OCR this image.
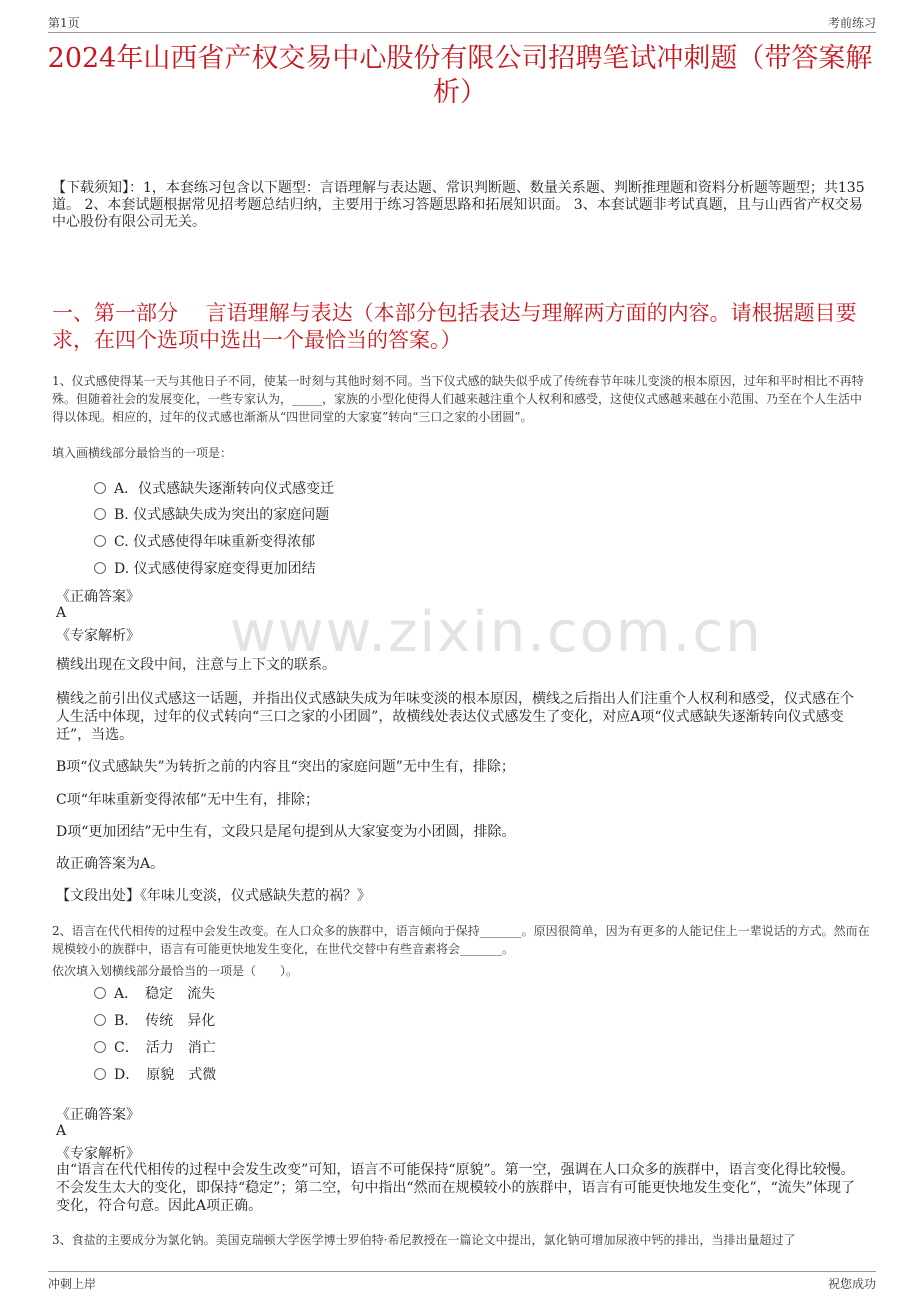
第1页	考前练习
2024年山西省产权交易中心股份有限公司招聘笔试冲刺题（带答案解析）
【下载须知】：1，本套练习包含以下题型：言语理解与表达题、常识判断题、数量关系题、判断推理题和资料分析题等题型；共135道。 2、本套试题根据常见招考题总结归纳，主要用于练习答题思路和拓展知识面。 3、本套试题非考试真题，且与山西省产权交易中心股份有限公司无关。
一、第一部分　 言语理解与表达（本部分包括表达与理解两方面的内容。请根据题目要求，在四个选项中选出一个最恰当的答案。）
1、仪式感使得某一天与其他日子不同，使某一时刻与其他时刻不同。当下仪式感的缺失似乎成了传统春节年味儿变淡的根本原因，过年和平时相比不再特殊。但随着社会的发展变化，一些专家认为，_____，家族的小型化使得人们越来越注重个人权利和感受，这使仪式感越来越在小范围、乃至在个人生活中得以体现。相应的，过年的仪式感也渐渐从“四世同堂的大家宴”转向“三口之家的小团圆”。
填入画横线部分最恰当的一项是：
A．仪式感缺失逐渐转向仪式感变迁
B. 仪式感缺失成为突出的家庭问题
C. 仪式感使得年味重新变得浓郁
D. 仪式感使得家庭变得更加团结
《正确答案》
A
《专家解析》
横线出现在文段中间，注意与上下文的联系。
横线之前引出仪式感这一话题，并指出仪式感缺失成为年味变淡的根本原因，横线之后指出人们注重个人权利和感受，仪式感在个人生活中体现，过年的仪式转向“三口之家的小团圆”，故横线处表达仪式感发生了变化，对应A项“仪式感缺失逐渐转向仪式感变迁”，当选。
B项“仪式感缺失”为转折之前的内容且“突出的家庭问题”无中生有，排除；
C项“年味重新变得浓郁”无中生有，排除；
D项“更加团结”无中生有，文段只是尾句提到从大家宴变为小团圆，排除。
故正确答案为A。
【文段出处】《年味儿变淡，仪式感缺失惹的祸？》
www.zixin.com.cn
2、语言在代代相传的过程中会发生改变。在人口众多的族群中，语言倾向于保持_______。原因很简单，因为有更多的人能记住上一辈说话的方式。然而在规模较小的族群中，语言有可能更快地发生变化，在世代交替中有些音素将会_______。
依次填入划横线部分最恰当的一项是（　　）。
A．　稳定　流失
B．　传统　异化
C．　活力　消亡
D．　原貌　式微
《正确答案》
A
《专家解析》
由“语言在代代相传的过程中会发生改变”可知，语言不可能保持“原貌”。第一空，强调在人口众多的族群中，语言变化得比较慢。不会发生太大的变化，即保持“稳定”；第二空，句中指出“然而在规模较小的族群中，语言有可能更快地发生变化”，“流失”体现了变化，符合句意。因此A项正确。
3、食盐的主要成分为氯化钠。美国克瑞顿大学医学博士罗伯特·希尼教授在一篇论文中提出，氯化钠可增加尿液中钙的排出，当排出量超过了
冲刺上岸	祝您成功
